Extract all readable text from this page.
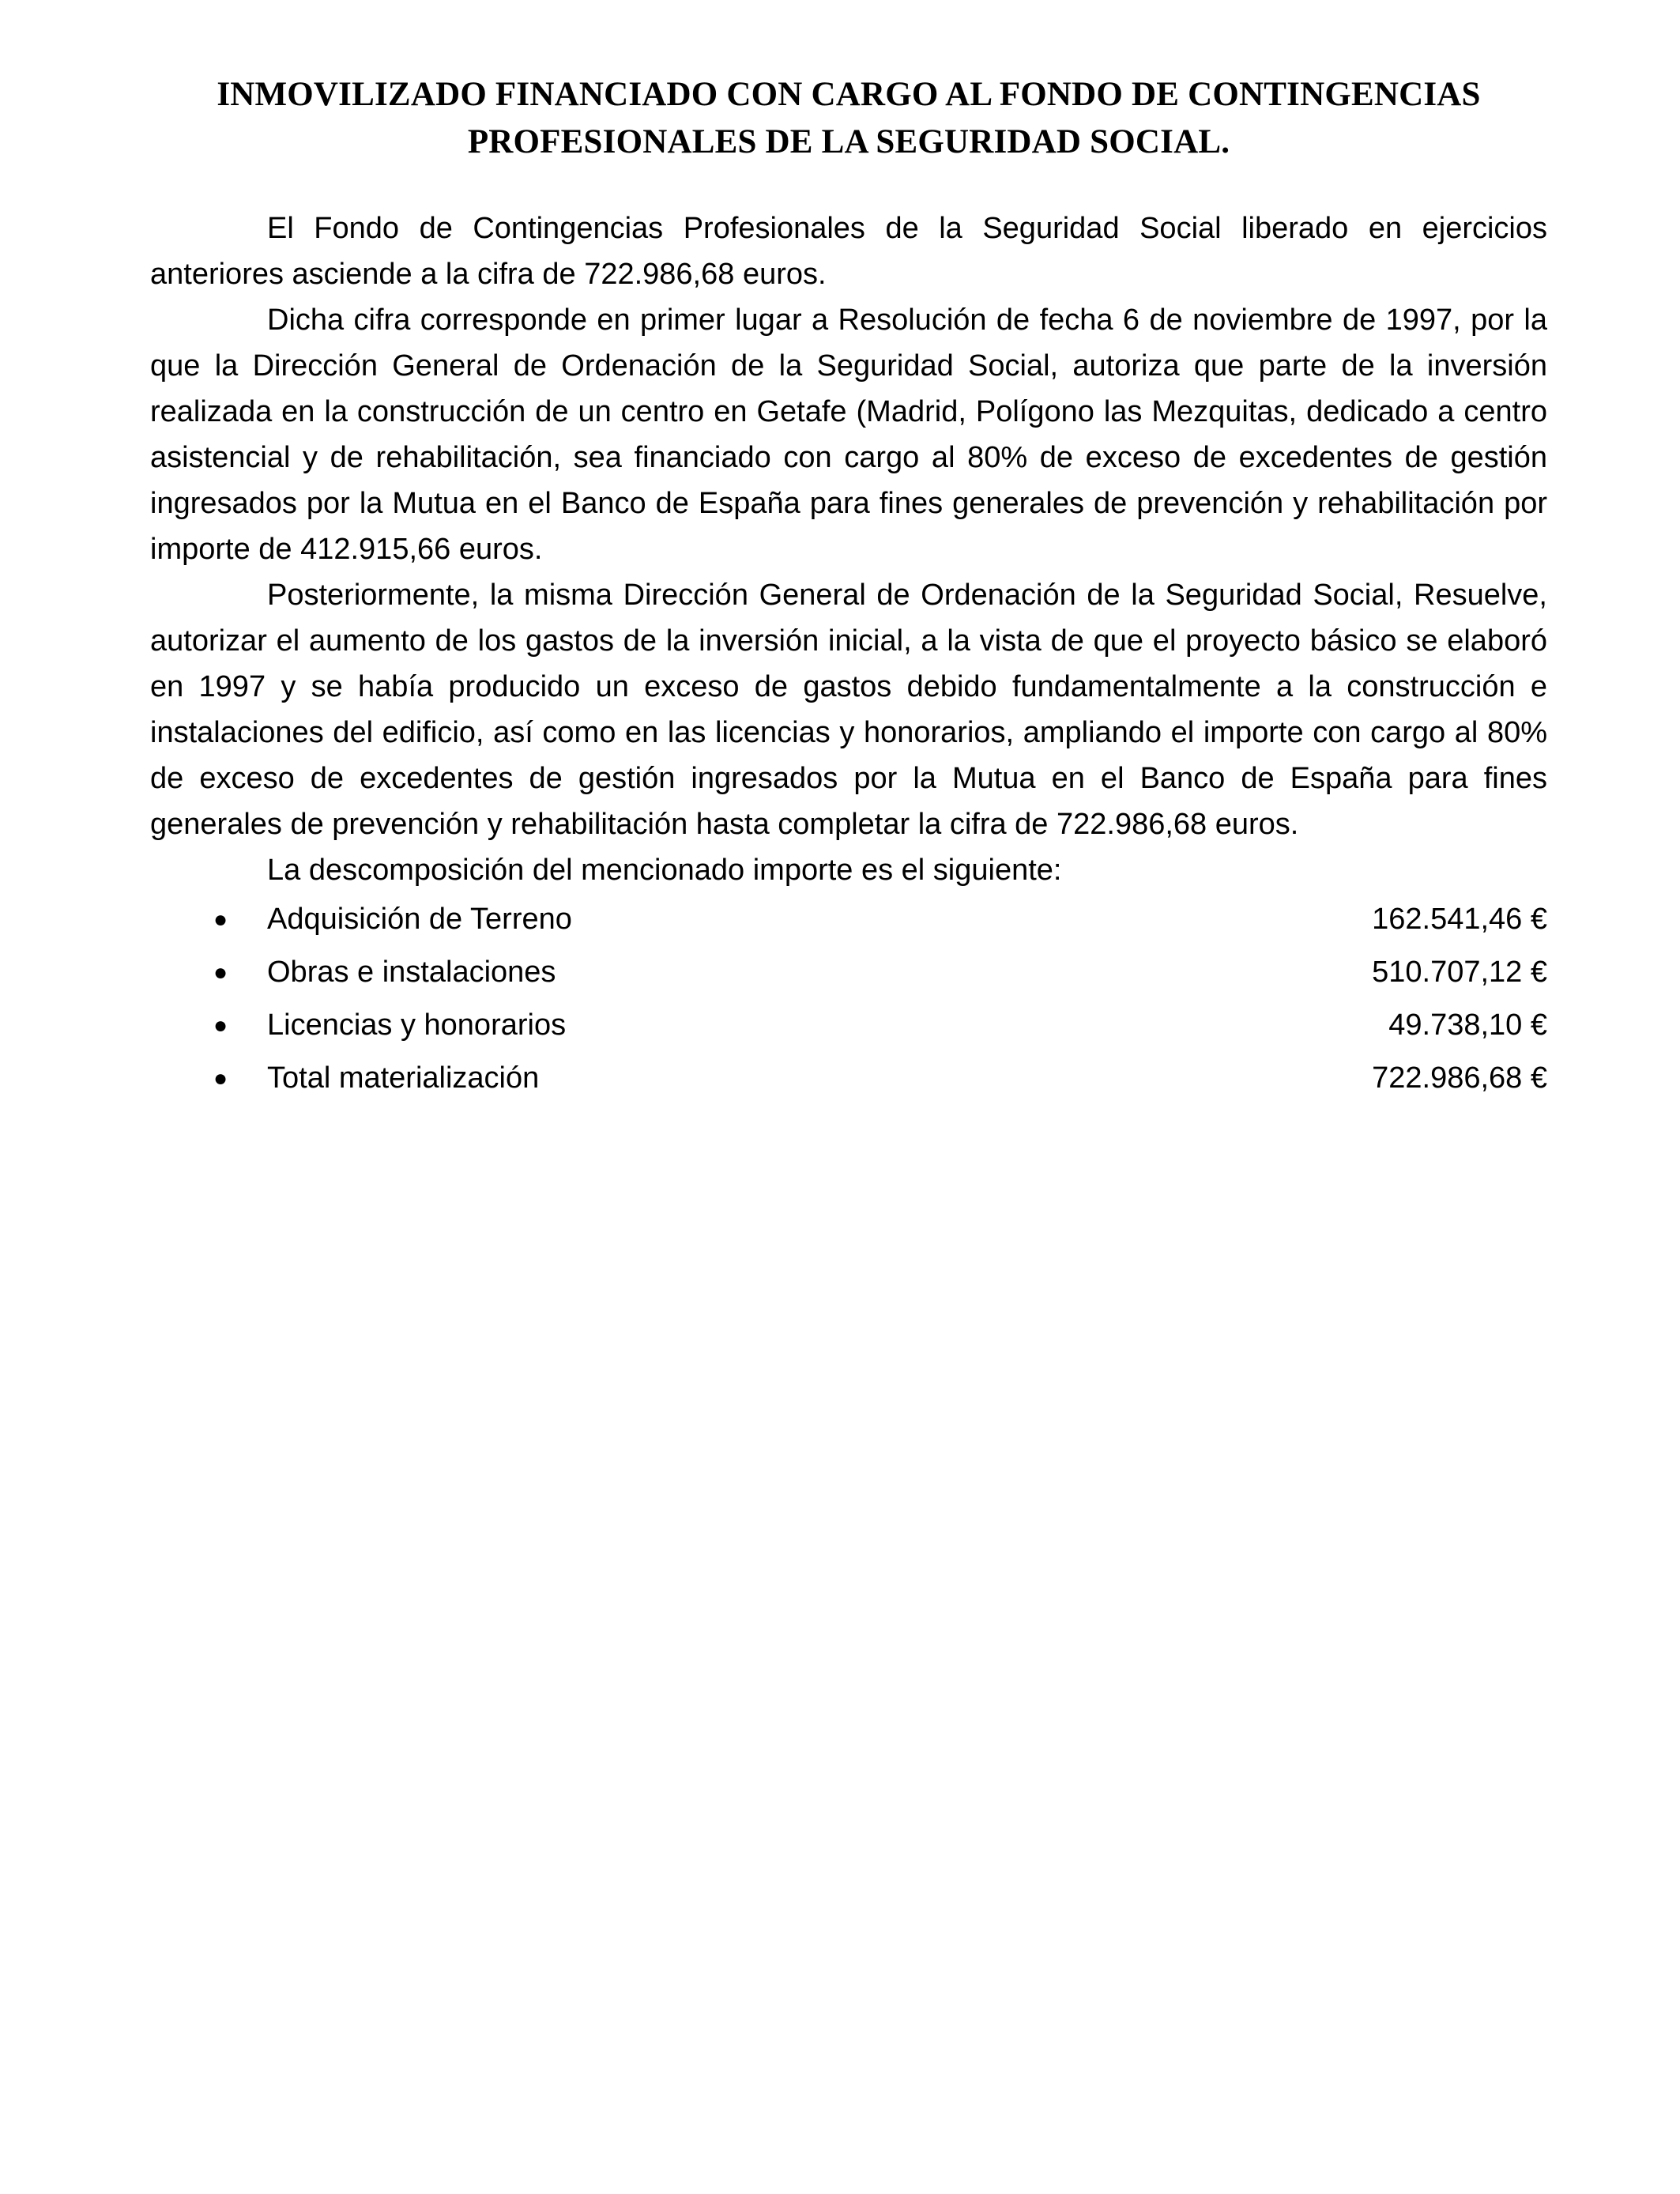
INMOVILIZADO FINANCIADO CON CARGO AL FONDO DE CONTINGENCIAS
PROFESIONALES DE LA SEGURIDAD SOCIAL.

El Fondo de Contingencias Profesionales de la Seguridad Social liberado en ejercicios anteriores asciende a la cifra de 722.986,68 euros.

Dicha cifra corresponde en primer lugar a Resolución de fecha 6 de noviembre de 1997, por la que la Dirección General de Ordenación de la Seguridad Social, autoriza que parte de la inversión realizada en la construcción de un centro en Getafe (Madrid, Polígono las Mezquitas, dedicado a centro asistencial y de rehabilitación, sea financiado con cargo al 80% de exceso de excedentes de gestión ingresados por la Mutua en el Banco de España para fines generales de prevención y rehabilitación por importe de 412.915,66 euros.

Posteriormente, la misma Dirección General de Ordenación de la Seguridad Social, Resuelve, autorizar el aumento de los gastos de la inversión inicial, a la vista de que el proyecto básico se elaboró en 1997 y se había producido un exceso de gastos debido fundamentalmente a la construcción e instalaciones del edificio, así como en las licencias y honorarios, ampliando el importe con cargo al 80% de exceso de excedentes de gestión ingresados por la Mutua en el Banco de España para fines generales de prevención y rehabilitación hasta completar la cifra de 722.986,68 euros.

La descomposición del mencionado importe es el siguiente:

● Adquisición de Terreno	162.541,46 €
● Obras e instalaciones	510.707,12 €
● Licencias y honorarios	49.738,10 €
● Total materialización	722.986,68 €
